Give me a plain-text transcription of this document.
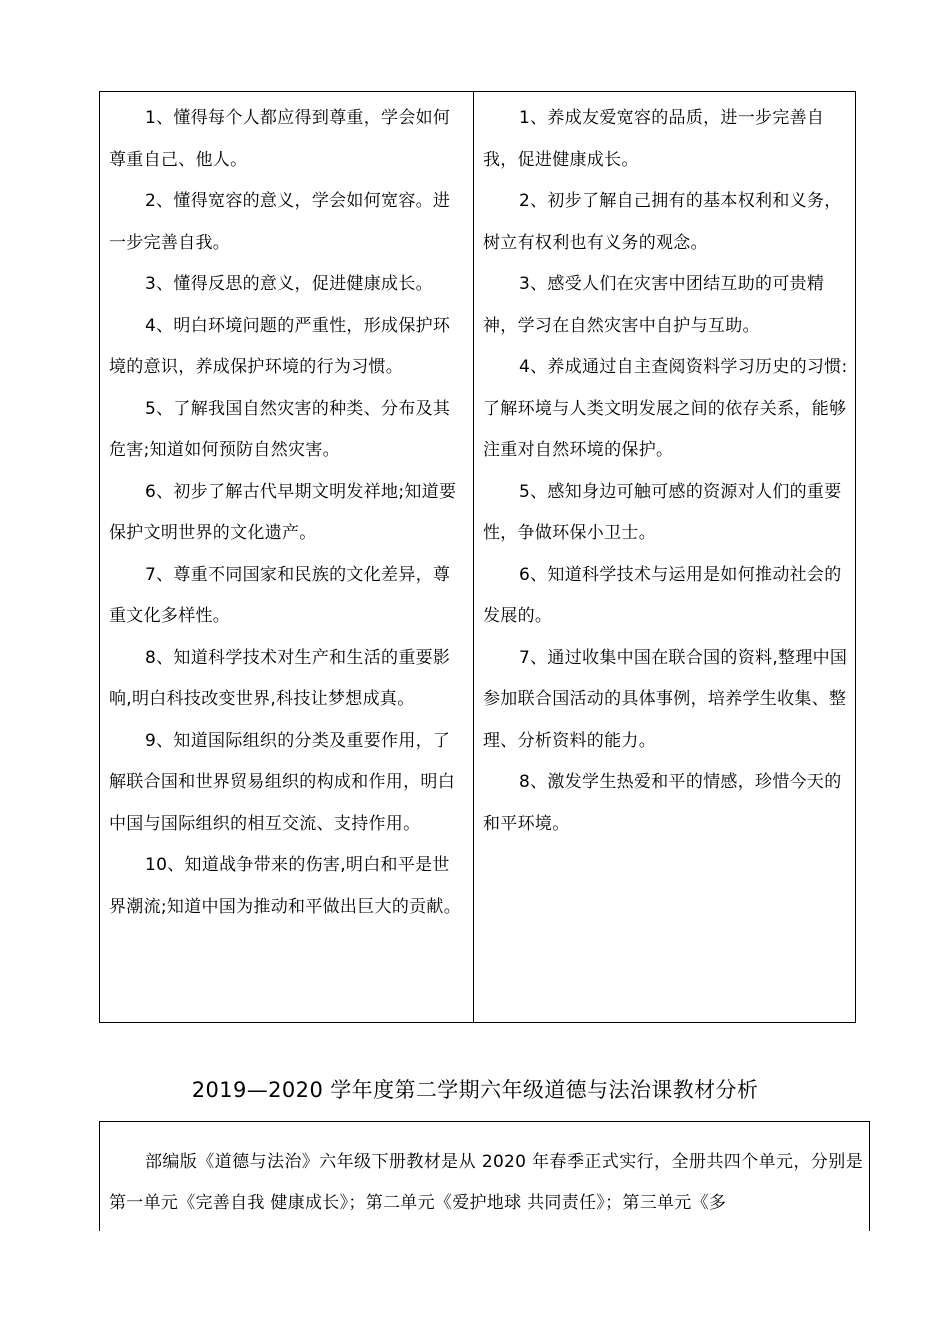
1、懂得每个人都应得到尊重，学会如何尊重自己、他人。

2、懂得宽容的意义，学会如何宽容。进一步完善自我。

3、懂得反思的意义，促进健康成长。

4、明白环境问题的严重性，形成保护环境的意识，养成保护环境的行为习惯。

5、了解我国自然灾害的种类、分布及其危害;知道如何预防自然灾害。

6、初步了解古代早期文明发祥地;知道要保护文明世界的文化遗产。

7、尊重不同国家和民族的文化差异，尊重文化多样性。

8、知道科学技术对生产和生活的重要影响,明白科技改变世界,科技让梦想成真。

9、知道国际组织的分类及重要作用，了解联合国和世界贸易组织的构成和作用，明白中国与国际组织的相互交流、支持作用。

10、知道战争带来的伤害,明白和平是世界潮流;知道中国为推动和平做出巨大的贡献。

1、养成友爱宽容的品质，进一步完善自我，促进健康成长。

2、初步了解自己拥有的基本权利和义务，树立有权利也有义务的观念。

3、感受人们在灾害中团结互助的可贵精神，学习在自然灾害中自护与互助。

4、养成通过自主查阅资料学习历史的习惯:了解环境与人类文明发展之间的依存关系，能够注重对自然环境的保护。

5、感知身边可触可感的资源对人们的重要性，争做环保小卫士。

6、知道科学技术与运用是如何推动社会的发展的。

7、通过收集中国在联合国的资料,整理中国参加联合国活动的具体事例，培养学生收集、整理、分析资料的能力。

8、激发学生热爱和平的情感，珍惜今天的和平环境。

2019—2020 学年度第二学期六年级道德与法治课教材分析

部编版《道德与法治》六年级下册教材是从 2020 年春季正式实行，全册共四个单元，分别是第一单元《完善自我 健康成长》；第二单元《爱护地球 共同责任》；第三单元《多
